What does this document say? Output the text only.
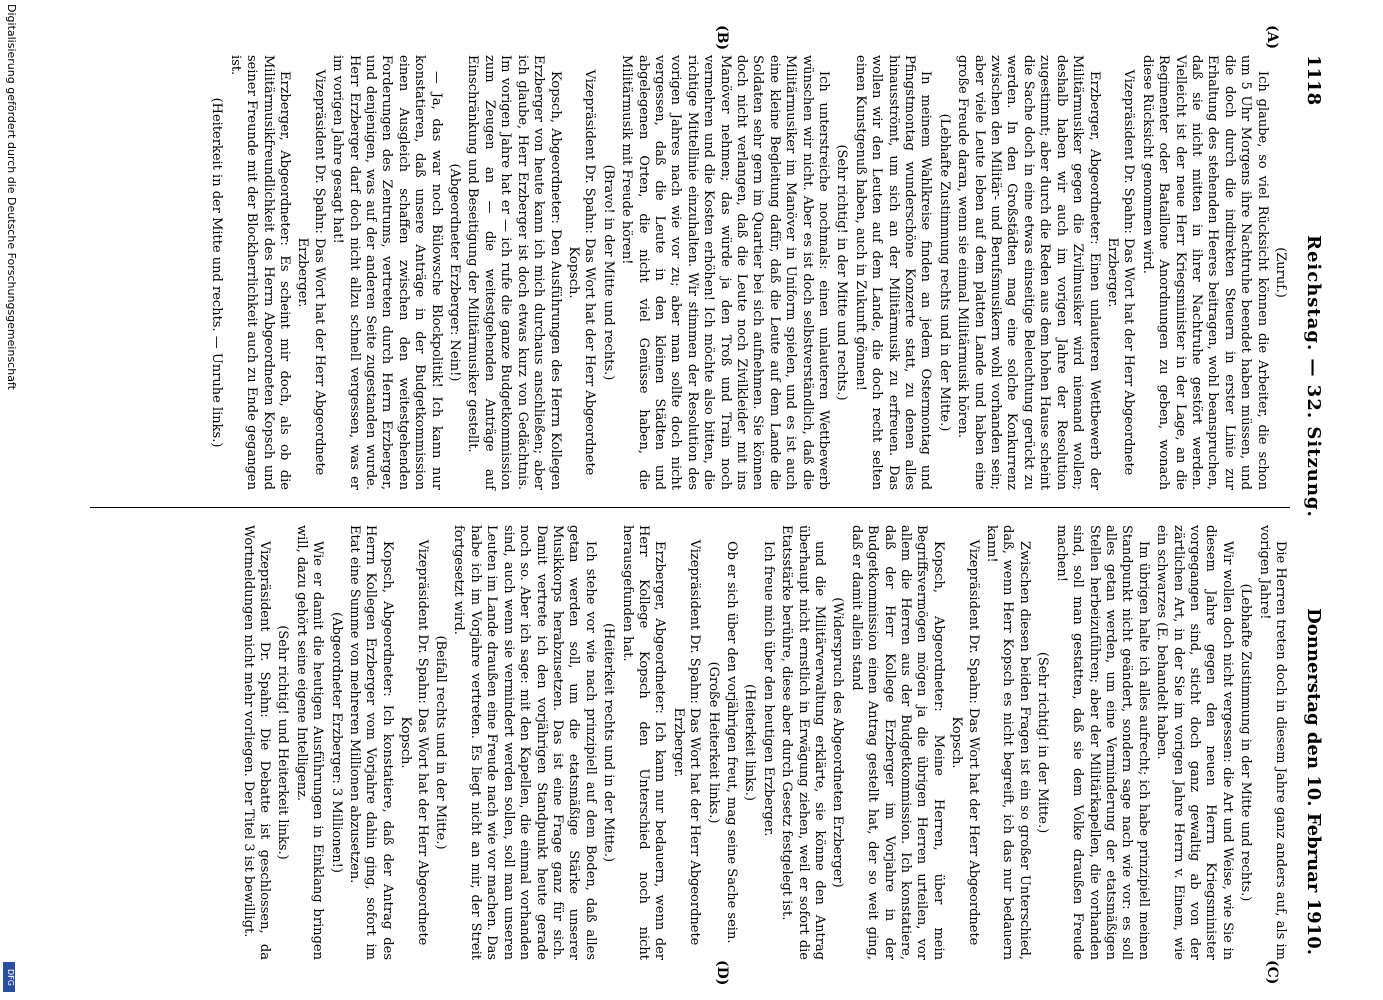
1118
Reichstag. — 32. Sitzung.
Donnerstag den 10. Februar 1910.
(A)
(B)
(C)
(D)

(Zuruf.)

Ich glaube, so viel Rücksicht können die Arbeiter, die schon um 5 Uhr Morgens ihre Nachtruhe beendet haben müssen, und die doch durch die indirekten Steuern in erster Linie zur Erhaltung des stehenden Heeres beitragen, wohl beanspruchen, daß sie nicht mitten in ihrer Nachtruhe gestört werden. Vielleicht ist der neue Herr Kriegsminister in der Lage, an die Regimenter oder Bataillone Anordnungen zu geben, wonach diese Rücksicht genommen wird.

Vizepräsident Dr. Spahn: Das Wort hat der Herr Abgeordnete Erzberger.

Erzberger, Abgeordneter: Einen unlauteren Wettbewerb der Militärmusiker gegen die Zivilmusiker wird niemand wollen; deshalb haben wir auch im vorigen Jahre der Resolution zugestimmt; aber durch die Reden aus dem hohen Hause scheint die Sache doch in eine etwas einseitige Beleuchtung gerückt zu werden. In den Großstädten mag eine solche Konkurrenz zwischen den Militär- und Berufsmusikern wohl vorhanden sein; aber viele Leute leben auf dem platten Lande und haben eine große Freude daran, wenn sie einmal Militärmusik hören.

(Lebhafte Zustimmung rechts und in der Mitte.)

In meinem Wahlkreise finden an jedem Ostermontag und Pfingstmontag wunderschöne Konzerte statt, zu denen alles hinausströmt, um sich an der Militärmusik zu erfreuen. Das wollen wir den Leuten auf dem Lande, die doch recht selten einen Kunstgenuß haben, auch in Zukunft gönnen!

(Sehr richtig! in der Mitte und rechts.)

Ich unterstreiche nochmals: einen unlauteren Wettbewerb wünschen wir nicht. Aber es ist doch selbstverständlich, daß die Militärmusiker im Manöver in Uniform spielen, und es ist auch eine kleine Begleitung dafür, daß die Leute auf dem Lande die Soldaten sehr gern im Quartier bei sich aufnehmen. Sie können doch nicht verlangen, daß die Leute noch Zivilkleider mit ins Manöver nehmen; das würde ja den Troß und Train noch vermehren und die Kosten erhöhen! Ich möchte also bitten, die richtige Mittellinie einzuhalten. Wir stimmen der Resolution des vorigen Jahres nach wie vor zu; aber man sollte doch nicht vergessen, daß die Leute in den kleinen Städten und abgelegenen Orten, die nicht viel Genüsse haben, die Militärmusik mit Freude hören!

(Bravo! in der Mitte und rechts.)

Vizepräsident Dr. Spahn: Das Wort hat der Herr Abgeordnete Kopsch.

Kopsch, Abgeordneter: Den Ausführungen des Herrn Kollegen Erzberger von heute kann ich mich durchaus anschließen; aber ich glaube, Herr Erzberger ist doch etwas kurz von Gedächtnis. Im vorigen Jahre hat er — ich rufe die ganze Budgetkommission zum Zeugen an — die weitestgehenden Anträge auf Einschränkung und Beseitigung der Militärmusiker gestellt.

(Abgeordneter Erzberger: Nein!)

— Ja, das war noch Bülowsche Blockpolitik! Ich kann nur konstatieren, daß unsere Anträge in der Budgetkommission einen Ausgleich schaffen zwischen den weitestgehenden Forderungen des Zentrums, vertreten durch Herrn Erzberger, und denjenigen, was auf der anderen Seite zugestanden wurde. Herr Erzberger darf doch nicht allzu schnell vergessen, was er im vorigen Jahre gesagt hat!

Vizepräsident Dr. Spahn: Das Wort hat der Herr Abgeordnete Erzberger.

Erzberger, Abgeordneter: Es scheint mir doch, als ob die Militärmusikfreundlichkeit des Herrn Abgeordneten Kopsch und seiner Freunde mit der Blockherrlichkeit auch zu Ende gegangen ist.

(Heiterkeit in der Mitte und rechts. — Unruhe links.)

Die Herren treten doch in diesem Jahre ganz anders auf, als im vorigen Jahre!

(Lebhafte Zustimmung in der Mitte und rechts.)

Wir wollen doch nicht vergessen: die Art und Weise, wie Sie in diesem Jahre gegen den neuen Herrn Kriegsminister vorgegangen sind, sticht doch ganz gewaltig ab von der zärtlichen Art, in der Sie im vorigen Jahre Herrn v. Einem, wie ein schwarzes (E. behandelt haben.

Im übrigen halte ich alles aufrecht; ich habe prinzipiell meinen Standpunkt nicht geändert, sondern sage nach wie vor: es soll alles getan werden, um eine Verminderung der etatsmäßigen Stellen herbeizuführen; aber der Militärkapellen, die vorhanden sind, soll man gestatten, daß sie dem Volke draußen Freude machen!

(Sehr richtig! in der Mitte.)

Zwischen diesen beiden Fragen ist ein so großer Unterschied, daß, wenn Herr Kopsch es nicht begreift, ich das nur bedauern kann!

Vizepräsident Dr. Spahn: Das Wort hat der Herr Abgeordnete Kopsch.

Kopsch, Abgeordneter: Meine Herren, über mein Begriffsvermögen mögen ja die übrigen Herren urteilen, vor allem die Herren aus der Budgetkommission. Ich konstatiere, daß der Herr Kollege Erzberger im Vorjahre in der Budgetkommission einen Antrag gestellt hat, der so weit ging, daß er damit allein stand

(Widerspruch des Abgeordneten Erzberger)

und die Militärverwaltung erklärte, sie könne den Antrag überhaupt nicht ernstlich in Erwägung ziehen, weil er sofort die Etatsstärke berühre, diese aber durch Gesetz festgelegt ist.

Ich freue mich über den heutigen Erzberger.

(Heiterkeit links.)

Ob er sich über den vorjährigen freut, mag seine Sache sein.

(Große Heiterkeit links.)

Vizepräsident Dr. Spahn: Das Wort hat der Herr Abgeordnete Erzberger.

Erzberger, Abgeordneter: Ich kann nur bedauern, wenn der Herr Kollege Kopsch den Unterschied noch nicht herausgefunden hat.

(Heiterkeit rechts und in der Mitte.)

Ich stehe vor wie nach prinzipiell auf dem Boden, daß alles getan werden soll, um die etatsmäßige Stärke unserer Musikkorps herabzusetzen. Das ist eine Frage ganz für sich. Damit vertrete ich den vorjährigen Standpunkt heute gerade noch so. Aber ich sage: mit den Kapellen, die einmal vorhanden sind, auch wenn sie vermindert werden sollen, soll man unseren Leuten im Lande draußen eine Freude nach wie vor machen. Das habe ich im Vorjahre vertreten. Es liegt nicht an mir, der Streit fortgesetzt wird.

(Beifall rechts und in der Mitte.)

Vizepräsident Dr. Spahn: Das Wort hat der Herr Abgeordnete Kopsch.

Kopsch, Abgeordneter: Ich konstatiere, daß der Antrag des Herrn Kollegen Erzberger vom Vorjahre dahin ging, sofort im Etat eine Summe von mehreren Millionen abzusetzen.

(Abgeordneter Erzberger: 3 Millionen!)

Wie er damit die heutigen Ausführungen in Einklang bringen will, dazu gehört seine eigene Intelligenz.

(Sehr richtig! und Heiterkeit links.)

Vizepräsident Dr. Spahn: Die Debatte ist geschlossen, da Wortmeldungen nicht mehr vorliegen. Der Titel 3 ist bewilligt.

Digitalisierung gefördert durch die Deutsche Forschungsgemeinschaft
DFG
